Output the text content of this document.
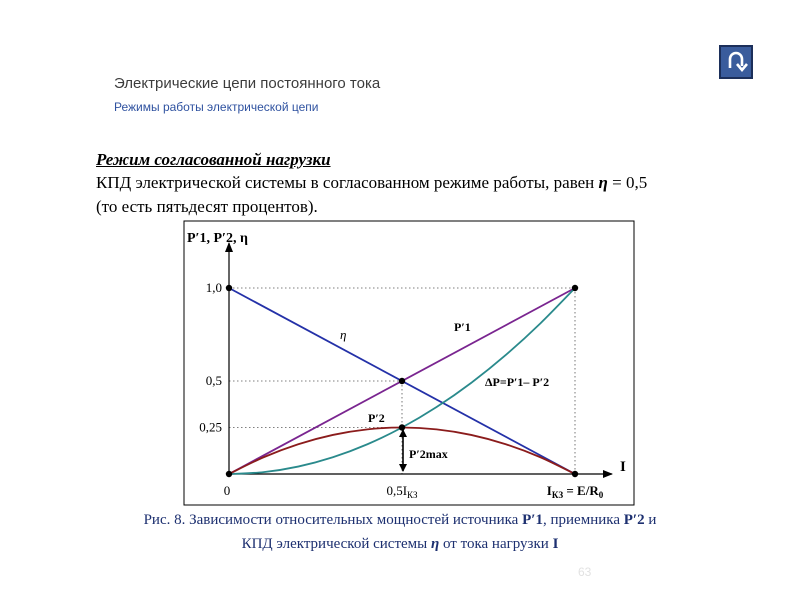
Электрические цепи постоянного тока
Режимы работы электрической цепи
Режим согласованной нагрузки
КПД электрической системы в согласованном режиме работы, равен η = 0,5
(то есть пятьдесят процентов).
P′1, P′2, η
I
1,0
0,5
0,25
0	$0,5I_{КЗ}$	$I_{КЗ} = E/R_0$
η	P′1
ΔP=P′1– P′2
P′2
P′2max
Рис. 8. Зависимости относительных мощностей источника P′1, приемника P′2 и
КПД электрической системы η от тока нагрузки I
63
